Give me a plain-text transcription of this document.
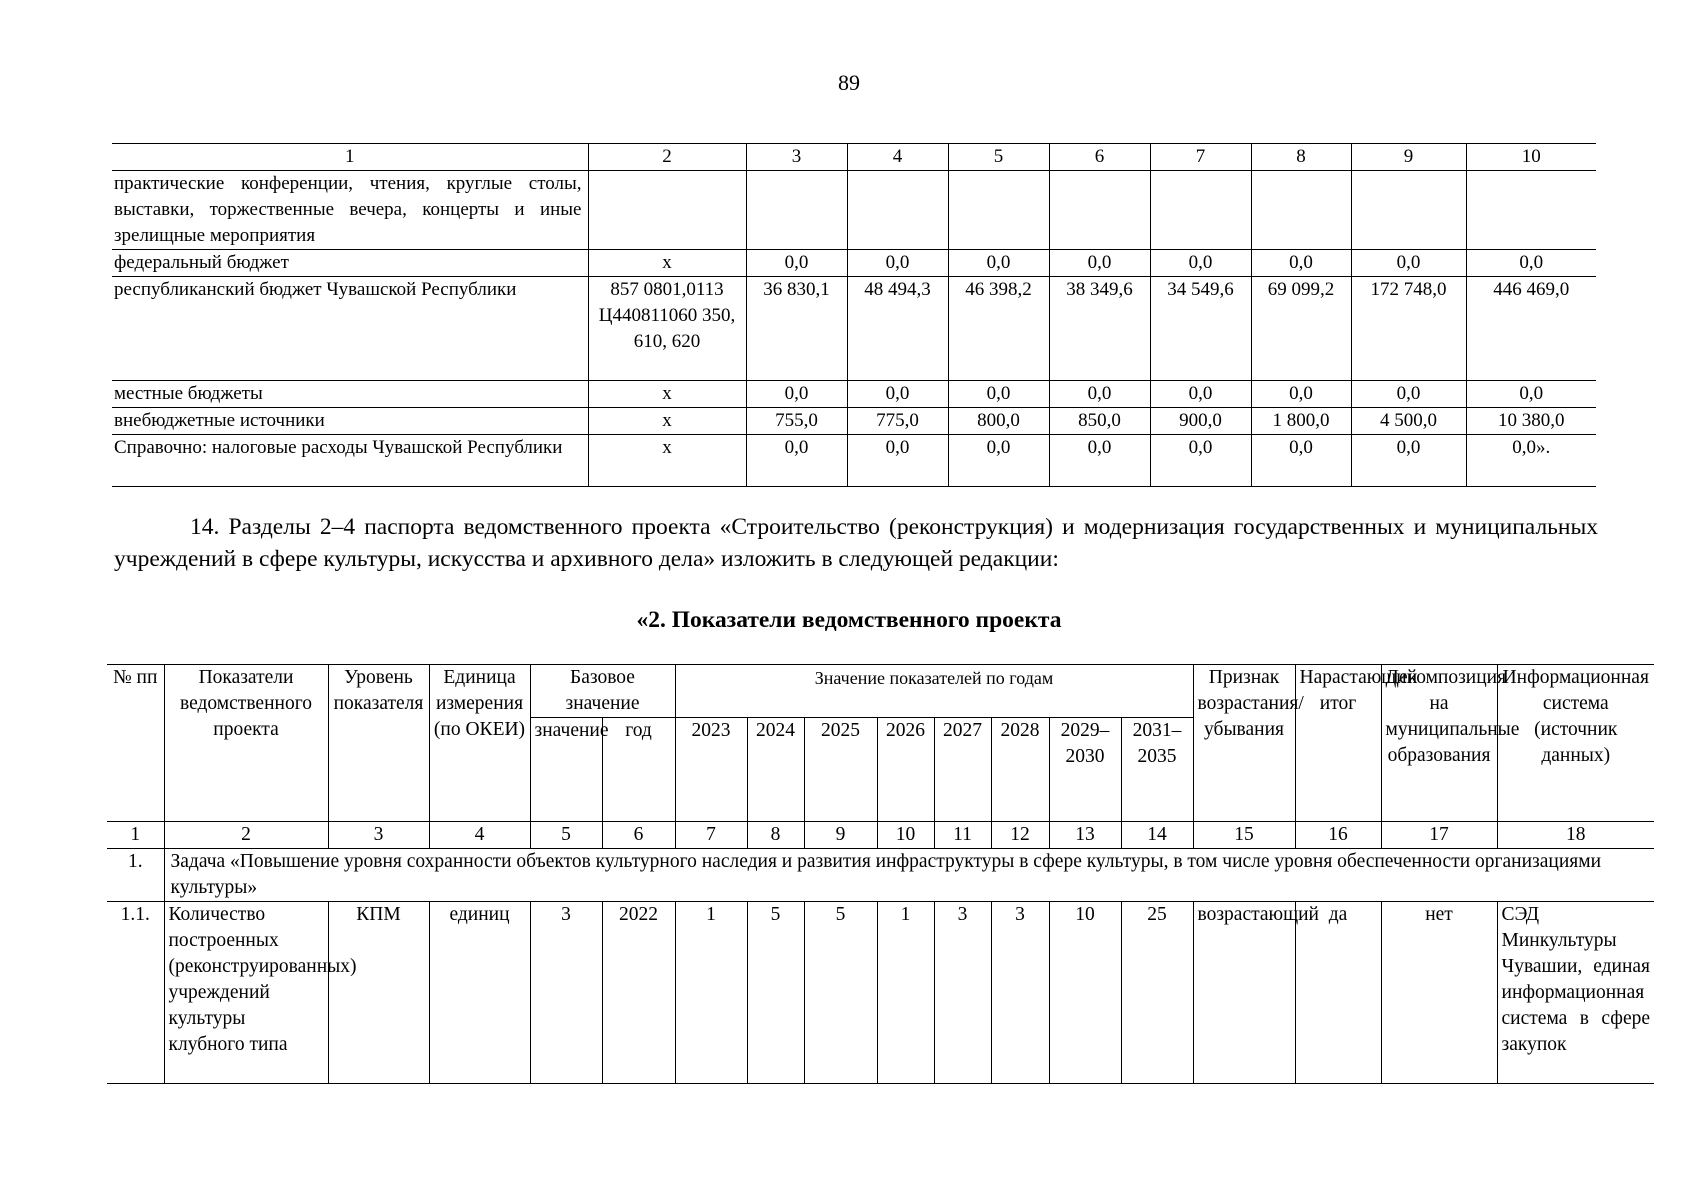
89
1	2	3	4	5	6	7	8	9	10
практические конференции, чтения, круглые столы, выставки, торжественные вечера, концерты и иные зрелищные мероприятия									
федеральный бюджет	х	0,0	0,0	0,0	0,0	0,0	0,0	0,0	0,0
республиканский бюджет Чувашской Республики	857 0801,0113 Ц440811060 350, 610, 620	36 830,1	48 494,3	46 398,2	38 349,6	34 549,6	69 099,2	172 748,0	446 469,0
местные бюджеты	х	0,0	0,0	0,0	0,0	0,0	0,0	0,0	0,0
внебюджетные источники	х	755,0	775,0	800,0	850,0	900,0	1 800,0	4 500,0	10 380,0
Справочно: налоговые расходы Чувашской Республики	х	0,0	0,0	0,0	0,0	0,0	0,0	0,0	0,0».
14. Разделы 2–4 паспорта ведомственного проекта «Строительство (реконструкция) и модернизация государственных и муниципальных учреждений в сфере культуры, искусства и архивного дела» изложить в следующей редакции:
«2. Показатели ведомственного проекта
№ пп	Показатели ведомственного проекта	Уровень показателя	Единица измерения (по ОКЕИ)	Базовое значение		Значение показателей по годам								Признак возрастания/ убывания	Нарастающий итог	Декомпозиция на муниципальные образования	Информационная система (источник данных)
				значение	год	2023	2024	2025	2026	2027	2028	2029–2030	2031–2035				
1	2	3	4	5	6	7	8	9	10	11	12	13	14	15	16	17	18
1.	Задача «Повышение уровня сохранности объектов культурного наследия и развития инфраструктуры в сфере культуры, в том числе уровня обеспеченности организациями культуры»																
1.1.	Количество построенных (реконструированных) учреждений культуры клубного типа	КПМ	единиц	3	2022	1	5	5	1	3	3	10	25	возрастающий	да	нет	СЭД Минкультуры Чувашии, единая информационная система в сфере закупок
